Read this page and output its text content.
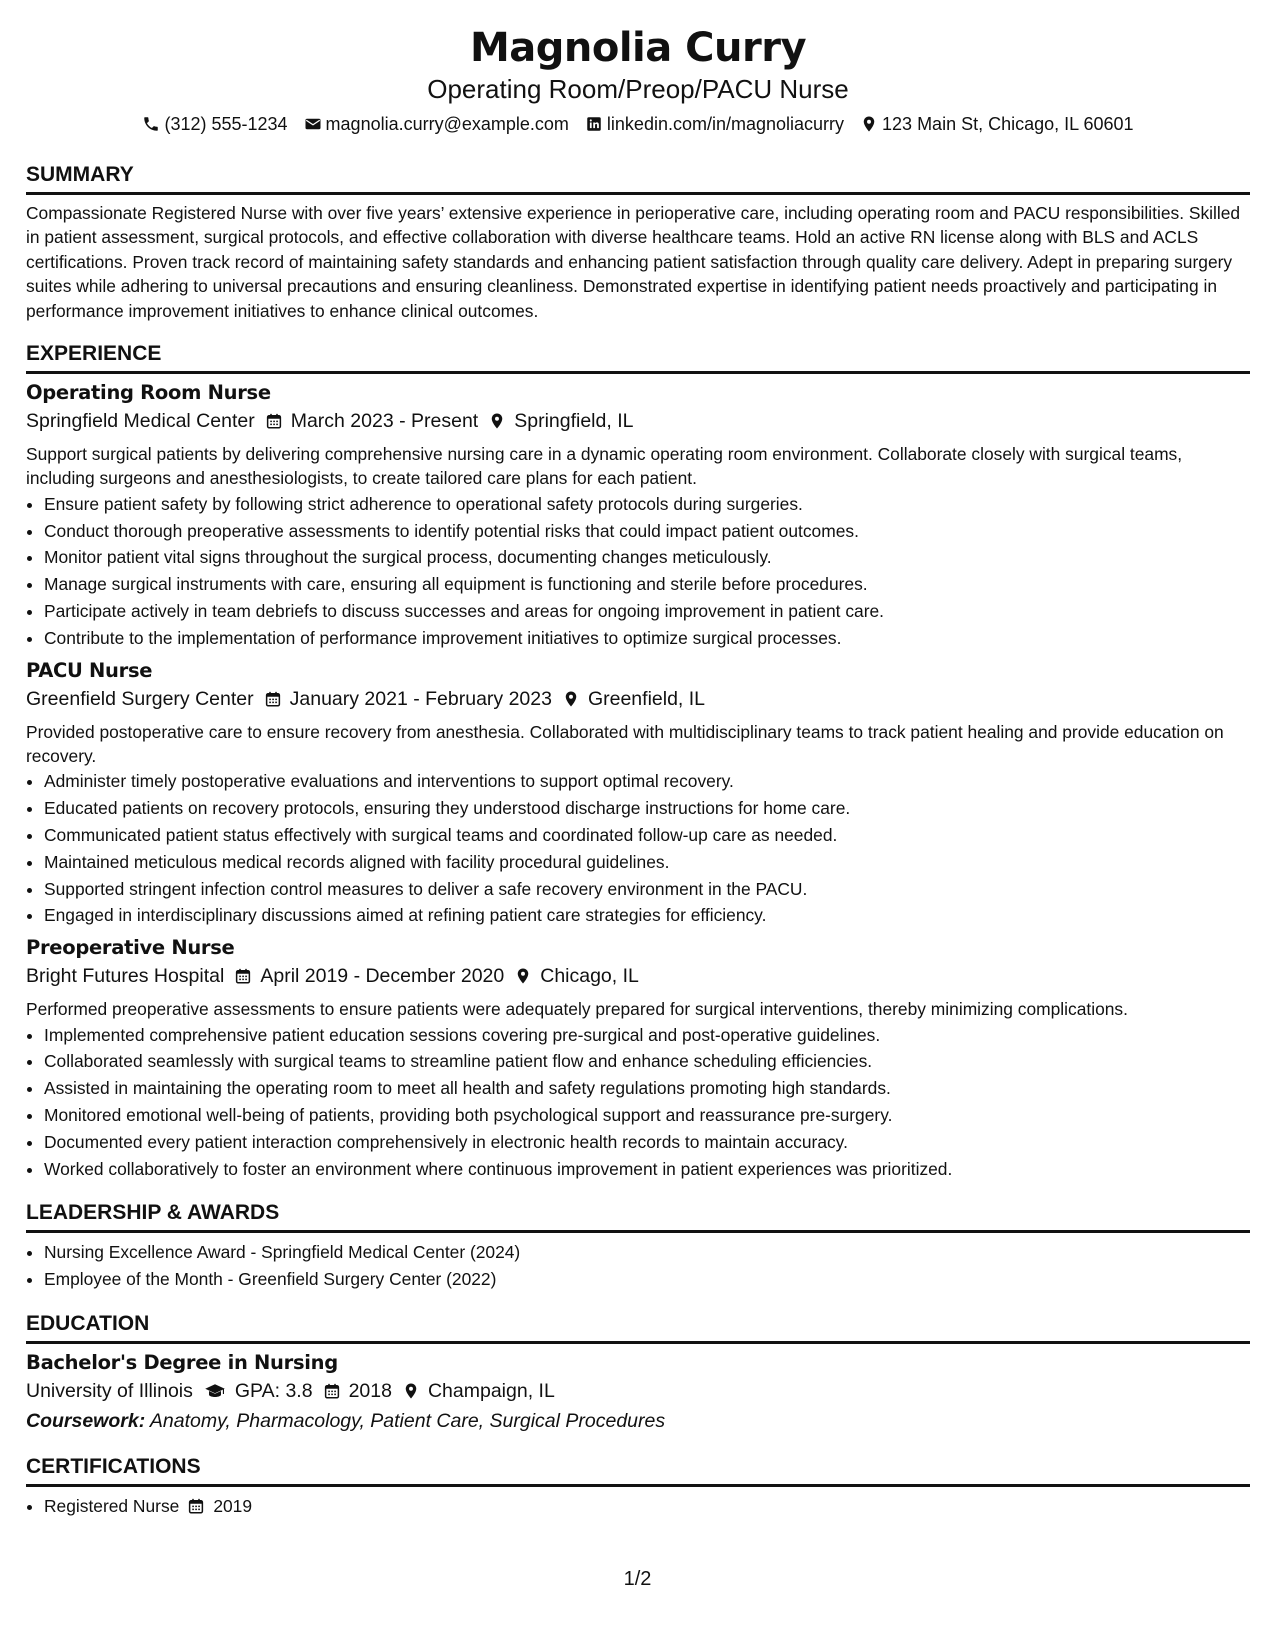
Magnolia Curry
Operating Room/Preop/PACU Nurse
(312) 555-1234 magnolia.curry@example.com linkedin.com/in/magnoliacurry 123 Main St, Chicago, IL 60601
SUMMARY
Compassionate Registered Nurse with over five years’ extensive experience in perioperative care, including operating room and PACU responsibilities. Skilled in patient assessment, surgical protocols, and effective collaboration with diverse healthcare teams. Hold an active RN license along with BLS and ACLS certifications. Proven track record of maintaining safety standards and enhancing patient satisfaction through quality care delivery. Adept in preparing surgery suites while adhering to universal precautions and ensuring cleanliness. Demonstrated expertise in identifying patient needs proactively and participating in performance improvement initiatives to enhance clinical outcomes.
EXPERIENCE
Operating Room Nurse
Springfield Medical Center March 2023 - Present Springfield, IL
Support surgical patients by delivering comprehensive nursing care in a dynamic operating room environment. Collaborate closely with surgical teams, including surgeons and anesthesiologists, to create tailored care plans for each patient.
• Ensure patient safety by following strict adherence to operational safety protocols during surgeries.
• Conduct thorough preoperative assessments to identify potential risks that could impact patient outcomes.
• Monitor patient vital signs throughout the surgical process, documenting changes meticulously.
• Manage surgical instruments with care, ensuring all equipment is functioning and sterile before procedures.
• Participate actively in team debriefs to discuss successes and areas for ongoing improvement in patient care.
• Contribute to the implementation of performance improvement initiatives to optimize surgical processes.
PACU Nurse
Greenfield Surgery Center January 2021 - February 2023 Greenfield, IL
Provided postoperative care to ensure recovery from anesthesia. Collaborated with multidisciplinary teams to track patient healing and provide education on recovery.
• Administer timely postoperative evaluations and interventions to support optimal recovery.
• Educated patients on recovery protocols, ensuring they understood discharge instructions for home care.
• Communicated patient status effectively with surgical teams and coordinated follow-up care as needed.
• Maintained meticulous medical records aligned with facility procedural guidelines.
• Supported stringent infection control measures to deliver a safe recovery environment in the PACU.
• Engaged in interdisciplinary discussions aimed at refining patient care strategies for efficiency.
Preoperative Nurse
Bright Futures Hospital April 2019 - December 2020 Chicago, IL
Performed preoperative assessments to ensure patients were adequately prepared for surgical interventions, thereby minimizing complications.
• Implemented comprehensive patient education sessions covering pre-surgical and post-operative guidelines.
• Collaborated seamlessly with surgical teams to streamline patient flow and enhance scheduling efficiencies.
• Assisted in maintaining the operating room to meet all health and safety regulations promoting high standards.
• Monitored emotional well-being of patients, providing both psychological support and reassurance pre-surgery.
• Documented every patient interaction comprehensively in electronic health records to maintain accuracy.
• Worked collaboratively to foster an environment where continuous improvement in patient experiences was prioritized.
LEADERSHIP & AWARDS
• Nursing Excellence Award - Springfield Medical Center (2024)
• Employee of the Month - Greenfield Surgery Center (2022)
EDUCATION
Bachelor's Degree in Nursing
University of Illinois GPA: 3.8 2018 Champaign, IL
Coursework: Anatomy, Pharmacology, Patient Care, Surgical Procedures
CERTIFICATIONS
• Registered Nurse 2019
1/2
